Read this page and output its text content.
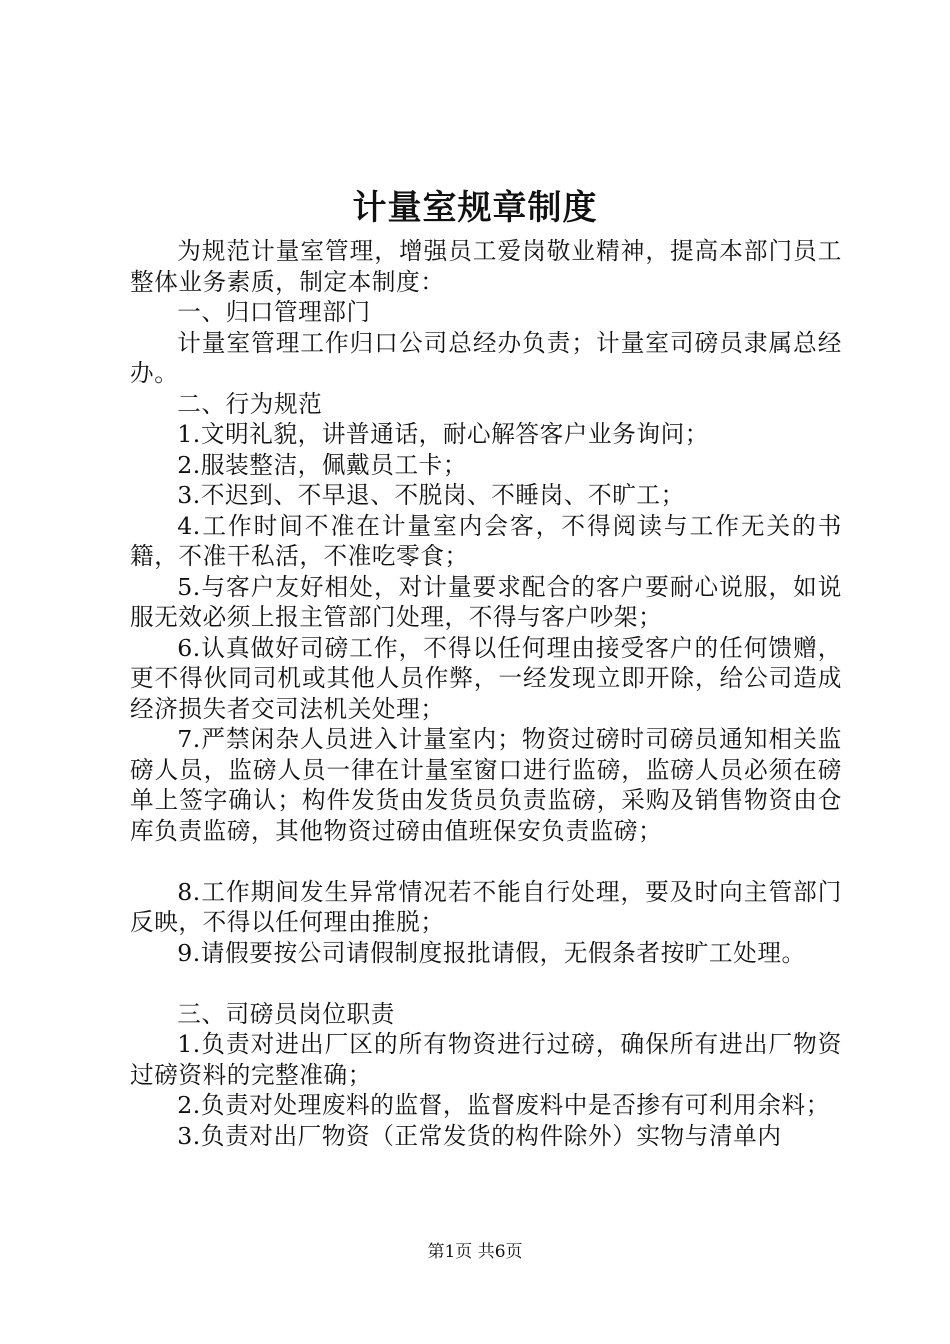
计量室规章制度

为规范计量室管理，增强员工爱岗敬业精神，提高本部门员工整体业务素质，制定本制度：

一、归口管理部门

计量室管理工作归口公司总经办负责；计量室司磅员隶属总经办。

二、行为规范

1.文明礼貌，讲普通话，耐心解答客户业务询问；

2.服装整洁，佩戴员工卡；

3.不迟到、不早退、不脱岗、不睡岗、不旷工；

4.工作时间不准在计量室内会客，不得阅读与工作无关的书籍，不准干私活，不准吃零食；

5.与客户友好相处，对计量要求配合的客户要耐心说服，如说服无效必须上报主管部门处理，不得与客户吵架；

6.认真做好司磅工作，不得以任何理由接受客户的任何馈赠，更不得伙同司机或其他人员作弊，一经发现立即开除，给公司造成经济损失者交司法机关处理；

7.严禁闲杂人员进入计量室内；物资过磅时司磅员通知相关监磅人员，监磅人员一律在计量室窗口进行监磅，监磅人员必须在磅单上签字确认；构件发货由发货员负责监磅，采购及销售物资由仓库负责监磅，其他物资过磅由值班保安负责监磅；

8.工作期间发生异常情况若不能自行处理，要及时向主管部门反映，不得以任何理由推脱；

9.请假要按公司请假制度报批请假，无假条者按旷工处理。

三、司磅员岗位职责

1.负责对进出厂区的所有物资进行过磅，确保所有进出厂物资过磅资料的完整准确；

2.负责对处理废料的监督，监督废料中是否掺有可利用余料；

3.负责对出厂物资（正常发货的构件除外）实物与清单内

第1页 共6页
